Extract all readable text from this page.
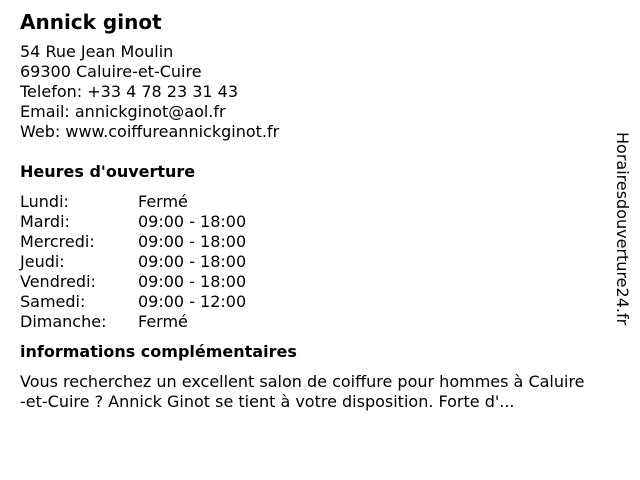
Annick ginot
54 Rue Jean Moulin
69300 Caluire-et-Cuire
Telefon: +33 4 78 23 31 43
Email: annickginot@aol.fr
Web: www.coiffureannickginot.fr
Heures d'ouverture
Lundi:	Fermé
Mardi:	09:00 - 18:00
Mercredi:	09:00 - 18:00
Jeudi:	09:00 - 18:00
Vendredi:	09:00 - 18:00
Samedi:	09:00 - 12:00
Dimanche:	Fermé
informations complémentaires
Vous recherchez un excellent salon de coiffure pour hommes à Caluire-et-Cuire ? Annick Ginot se tient à votre disposition. Forte d'...
Horairesdouverture24.fr
